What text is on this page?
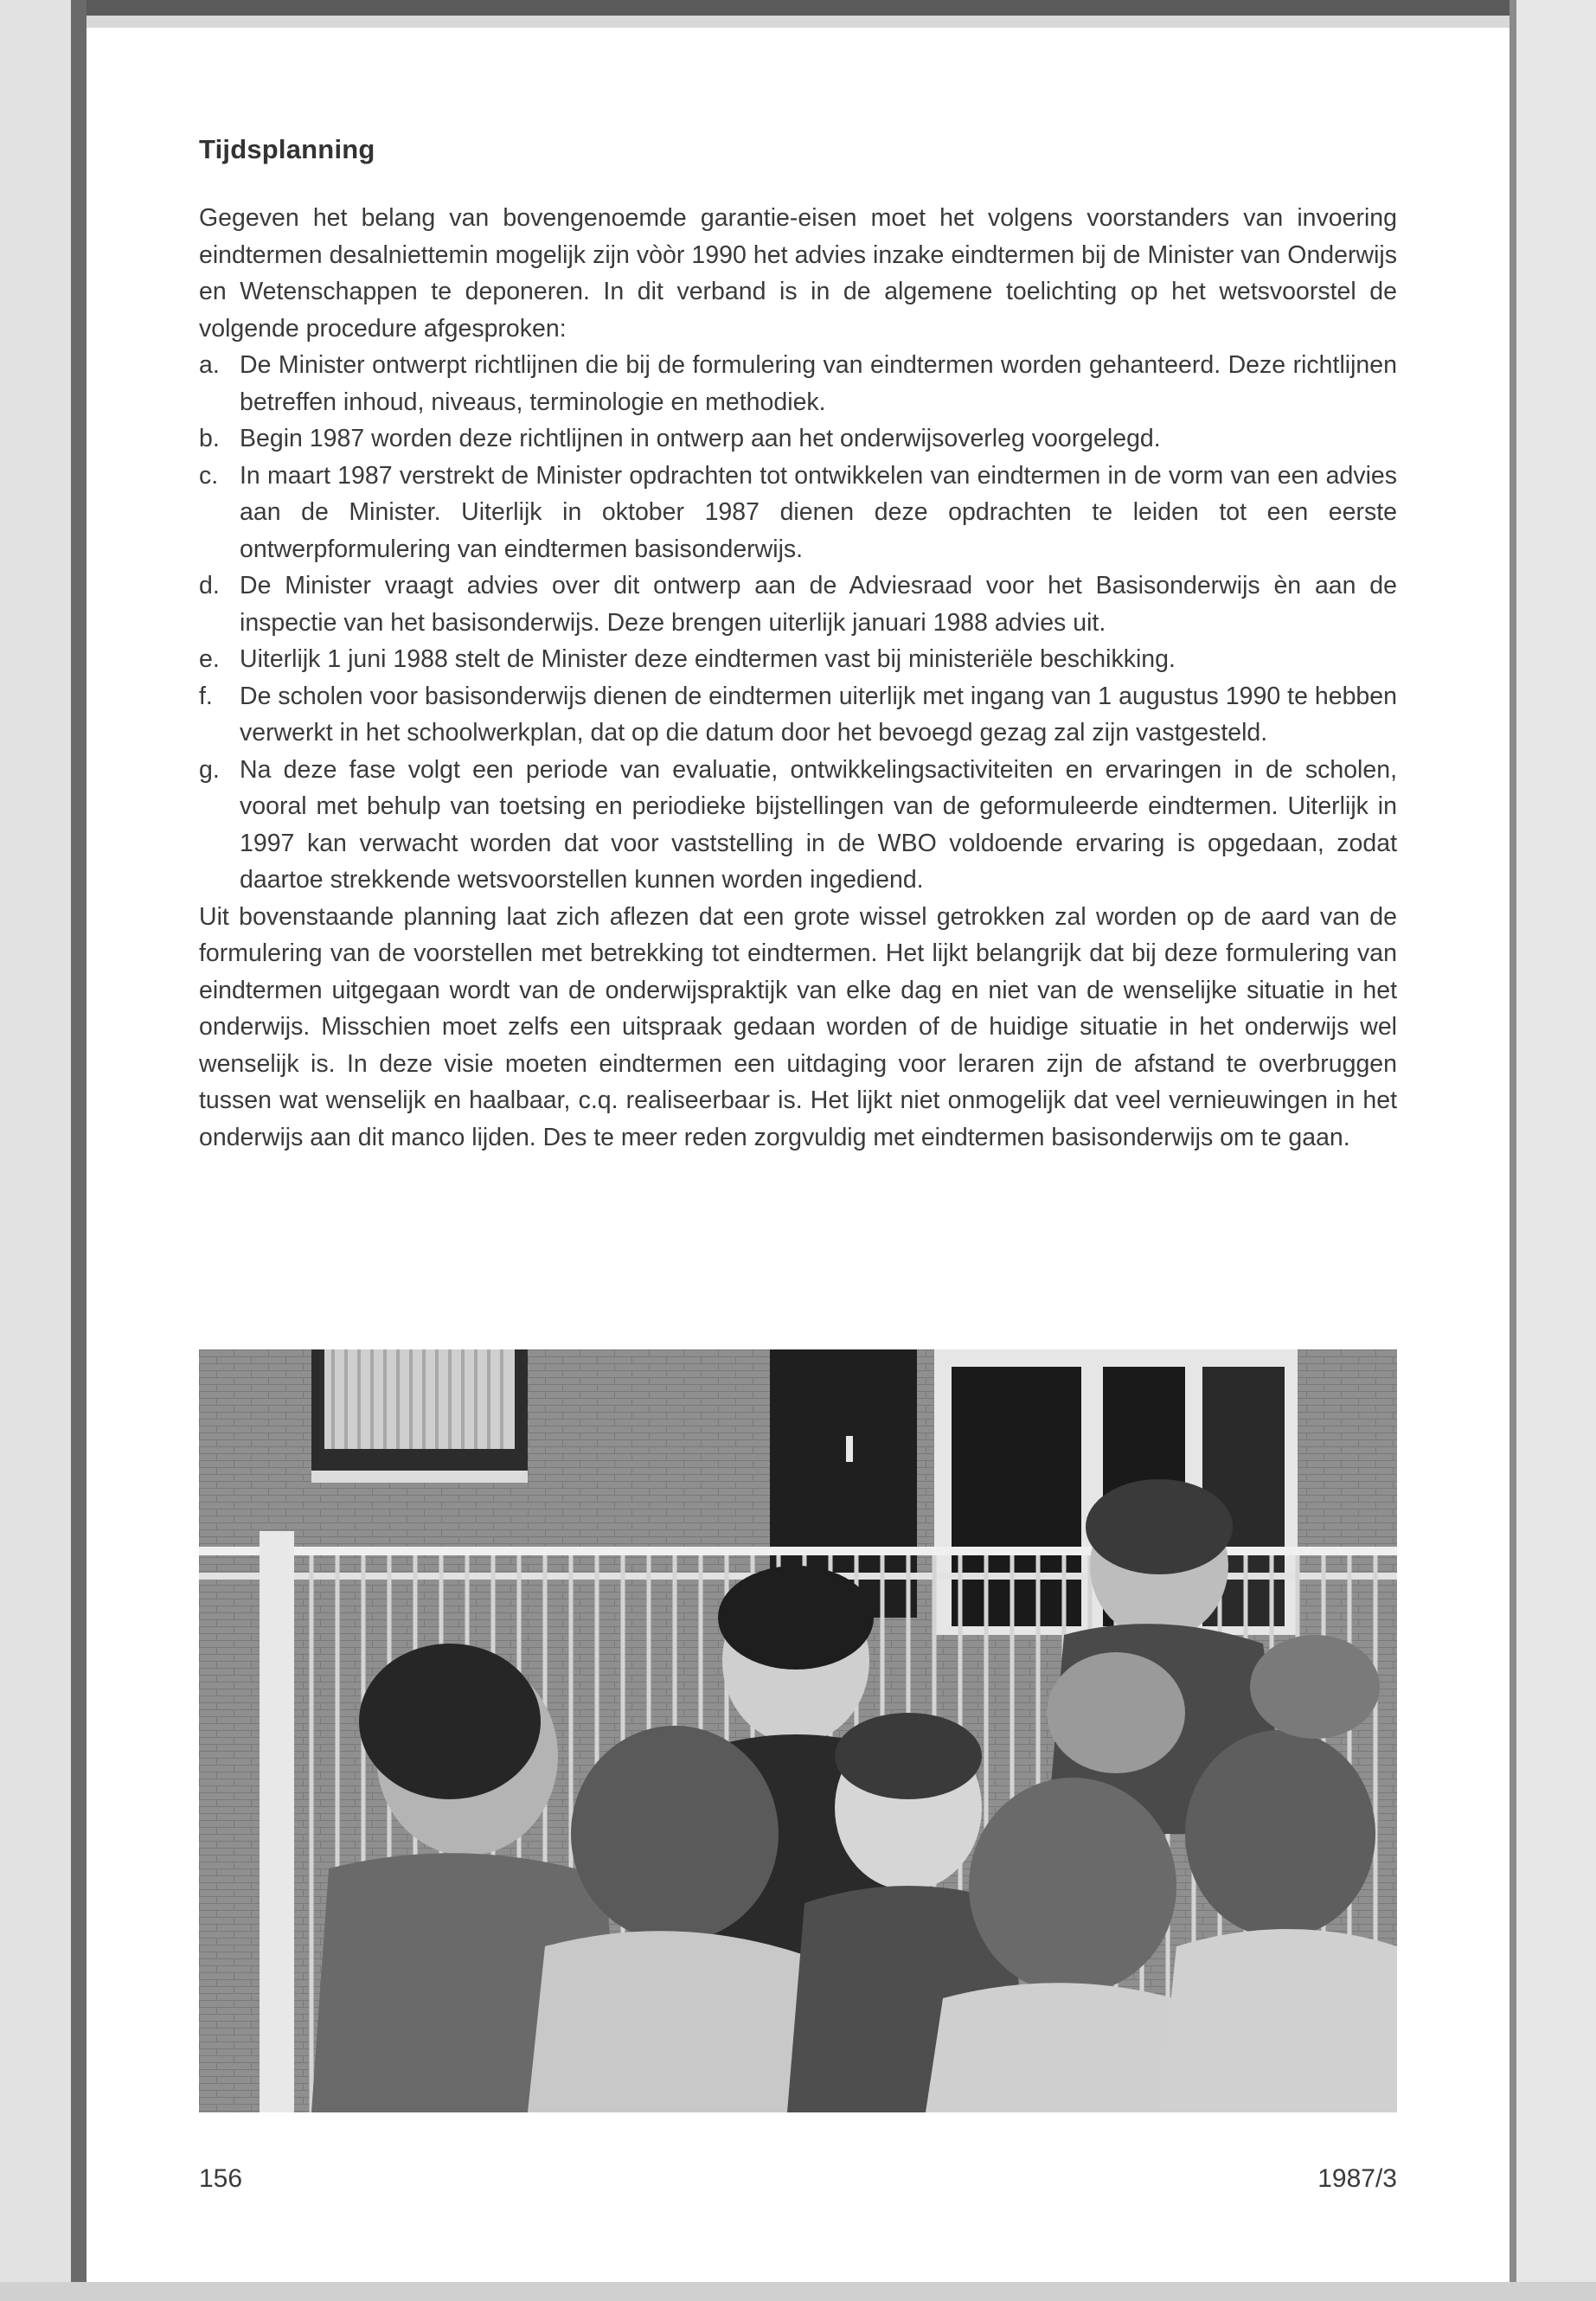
Tijdsplanning

Gegeven het belang van bovengenoemde garantie-eisen moet het volgens voorstanders van invoering eindtermen desalniettemin mogelijk zijn vòòr 1990 het advies inzake eindtermen bij de Minister van Onderwijs en Wetenschappen te deponeren. In dit verband is in de algemene toelichting op het wetsvoorstel de volgende procedure afgesproken:

a. De Minister ontwerpt richtlijnen die bij de formulering van eindtermen worden gehanteerd. Deze richtlijnen betreffen inhoud, niveaus, terminologie en methodiek.
b. Begin 1987 worden deze richtlijnen in ontwerp aan het onderwijsoverleg voorgelegd.
c. In maart 1987 verstrekt de Minister opdrachten tot ontwikkelen van eindtermen in de vorm van een advies aan de Minister. Uiterlijk in oktober 1987 dienen deze opdrachten te leiden tot een eerste ontwerpformulering van eindtermen basisonderwijs.
d. De Minister vraagt advies over dit ontwerp aan de Adviesraad voor het Basisonderwijs èn aan de inspectie van het basisonderwijs. Deze brengen uiterlijk januari 1988 advies uit.
e. Uiterlijk 1 juni 1988 stelt de Minister deze eindtermen vast bij ministeriële beschikking.
f. De scholen voor basisonderwijs dienen de eindtermen uiterlijk met ingang van 1 augustus 1990 te hebben verwerkt in het schoolwerkplan, dat op die datum door het bevoegd gezag zal zijn vastgesteld.
g. Na deze fase volgt een periode van evaluatie, ontwikkelingsactiviteiten en ervaringen in de scholen, vooral met behulp van toetsing en periodieke bijstellingen van de geformuleerde eindtermen. Uiterlijk in 1997 kan verwacht worden dat voor vaststelling in de WBO voldoende ervaring is opgedaan, zodat daartoe strekkende wetsvoorstellen kunnen worden ingediend.

Uit bovenstaande planning laat zich aflezen dat een grote wissel getrokken zal worden op de aard van de formulering van de voorstellen met betrekking tot eindtermen. Het lijkt belangrijk dat bij deze formulering van eindtermen uitgegaan wordt van de onderwijspraktijk van elke dag en niet van de wenselijke situatie in het onderwijs. Misschien moet zelfs een uitspraak gedaan worden of de huidige situatie in het onderwijs wel wenselijk is. In deze visie moeten eindtermen een uitdaging voor leraren zijn de afstand te overbruggen tussen wat wenselijk en haalbaar, c.q. realiseerbaar is. Het lijkt niet onmogelijk dat veel vernieuwingen in het onderwijs aan dit manco lijden. Des te meer reden zorgvuldig met eindtermen basisonderwijs om te gaan.

156	1987/3
